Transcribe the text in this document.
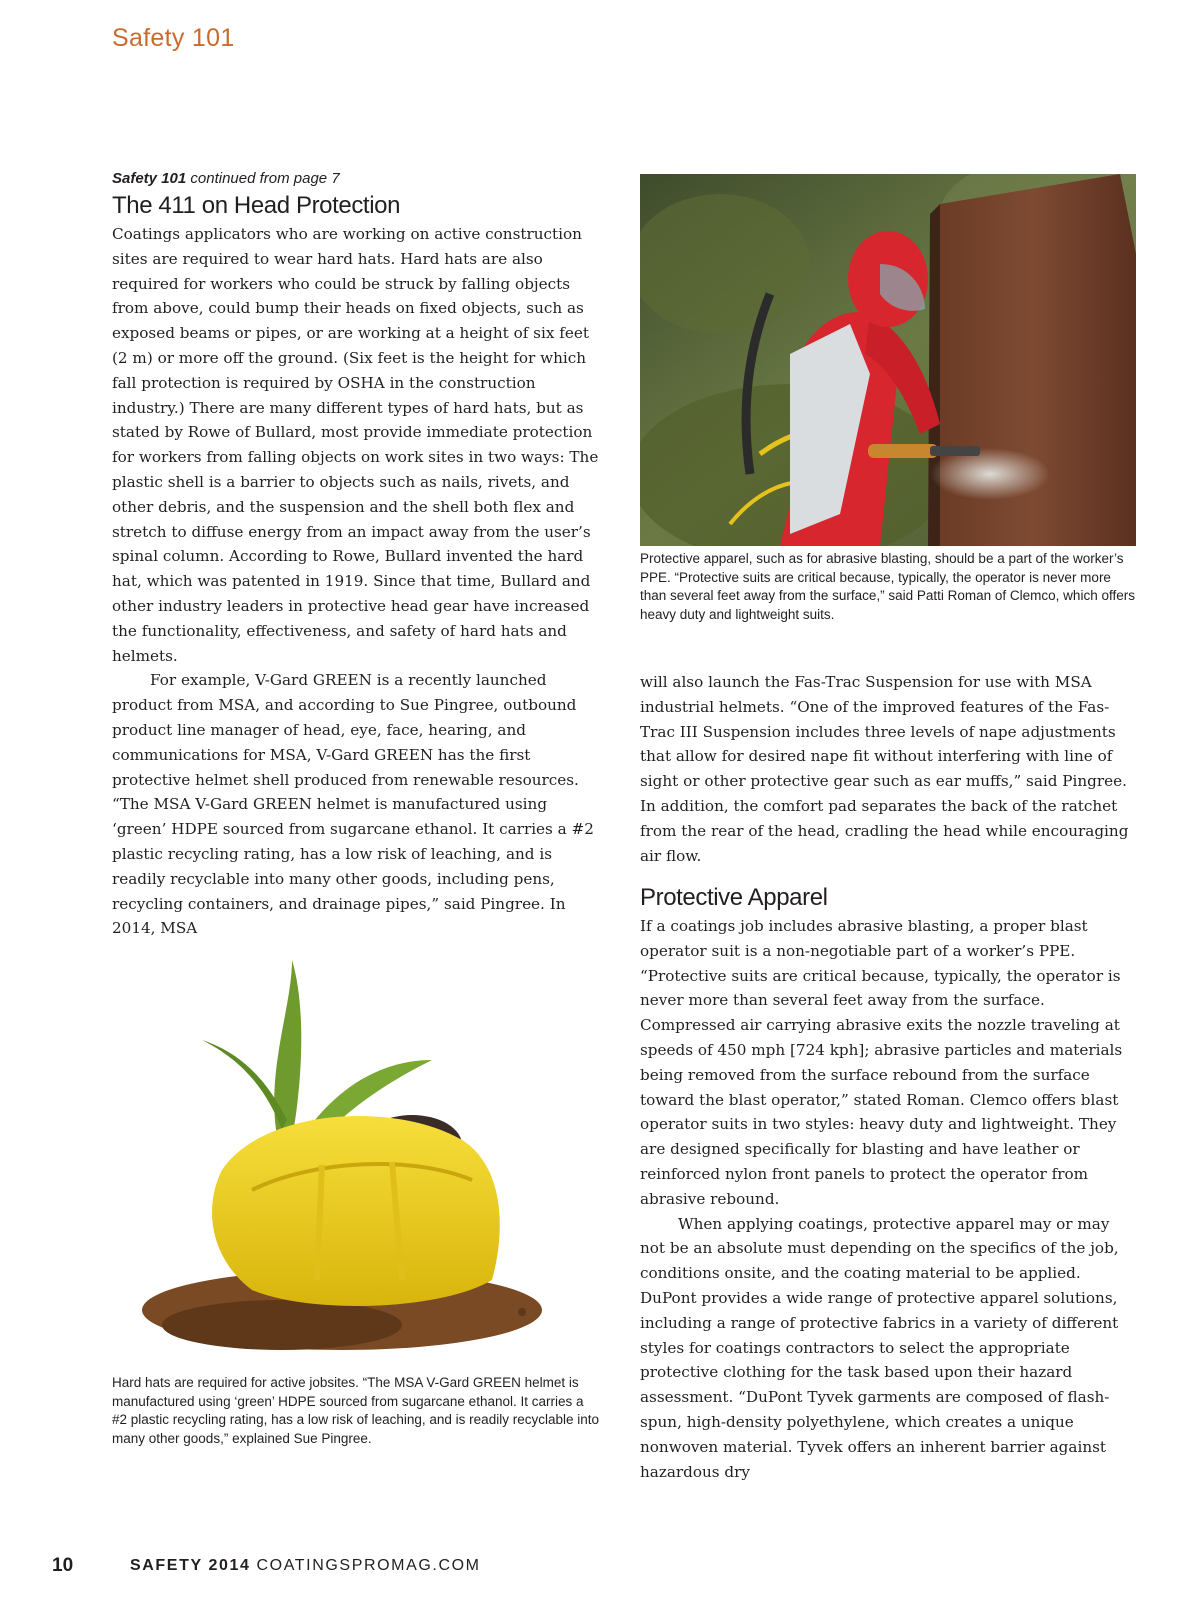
Safety 101
Safety 101 continued from page 7
The 411 on Head Protection

Coatings applicators who are working on active construction sites are required to wear hard hats. Hard hats are also required for workers who could be struck by falling objects from above, could bump their heads on fixed objects, such as exposed beams or pipes, or are working at a height of six feet (2 m) or more off the ground. (Six feet is the height for which fall protection is required by OSHA in the construction industry.) There are many different types of hard hats, but as stated by Rowe of Bullard, most provide immediate protection for workers from falling objects on work sites in two ways: The plastic shell is a barrier to objects such as nails, rivets, and other debris, and the suspension and the shell both flex and stretch to diffuse energy from an impact away from the user’s spinal column. According to Rowe, Bullard invented the hard hat, which was patented in 1919. Since that time, Bullard and other industry leaders in protective head gear have increased the functionality, effectiveness, and safety of hard hats and helmets.

For example, V-Gard GREEN is a recently launched product from MSA, and according to Sue Pingree, outbound product line manager of head, eye, face, hearing, and communications for MSA, V-Gard GREEN has the first protective helmet shell produced from renewable resources. “The MSA V-Gard GREEN helmet is manufactured using ‘green’ HDPE sourced from sugarcane ethanol. It carries a #2 plastic recycling rating, has a low risk of leaching, and is readily recyclable into many other goods, including pens, recycling containers, and drainage pipes,” said Pingree. In 2014, MSA

Protective apparel, such as for abrasive blasting, should be a part of the worker’s PPE. “Protective suits are critical because, typically, the operator is never more than several feet away from the surface,” said Patti Roman of Clemco, which offers heavy duty and lightweight suits.

will also launch the Fas-Trac Suspension for use with MSA industrial helmets. “One of the improved features of the Fas-Trac III Suspension includes three levels of nape adjustments that allow for desired nape fit without interfering with line of sight or other protective gear such as ear muffs,” said Pingree. In addition, the comfort pad separates the back of the ratchet from the rear of the head, cradling the head while encouraging air flow.

Protective Apparel

If a coatings job includes abrasive blasting, a proper blast operator suit is a non-negotiable part of a worker’s PPE. “Protective suits are critical because, typically, the operator is never more than several feet away from the surface. Compressed air carrying abrasive exits the nozzle traveling at speeds of 450 mph [724 kph]; abrasive particles and materials being removed from the surface rebound from the surface toward the blast operator,” stated Roman. Clemco offers blast operator suits in two styles: heavy duty and lightweight. They are designed specifically for blasting and have leather or reinforced nylon front panels to protect the operator from abrasive rebound.

When applying coatings, protective apparel may or may not be an absolute must depending on the specifics of the job, conditions onsite, and the coating material to be applied. DuPont provides a wide range of protective apparel solutions, including a range of protective fabrics in a variety of different styles for coatings contractors to select the appropriate protective clothing for the task based upon their hazard assessment. “DuPont Tyvek garments are composed of flash-spun, high-density polyethylene, which creates a unique nonwoven material. Tyvek offers an inherent barrier against hazardous dry

Hard hats are required for active jobsites. “The MSA V-Gard GREEN helmet is manufactured using ‘green’ HDPE sourced from sugarcane ethanol. It carries a #2 plastic recycling rating, has a low risk of leaching, and is readily recyclable into many other goods,” explained Sue Pingree.

10	SAFETY 2014 COATINGSPROMAG.COM
